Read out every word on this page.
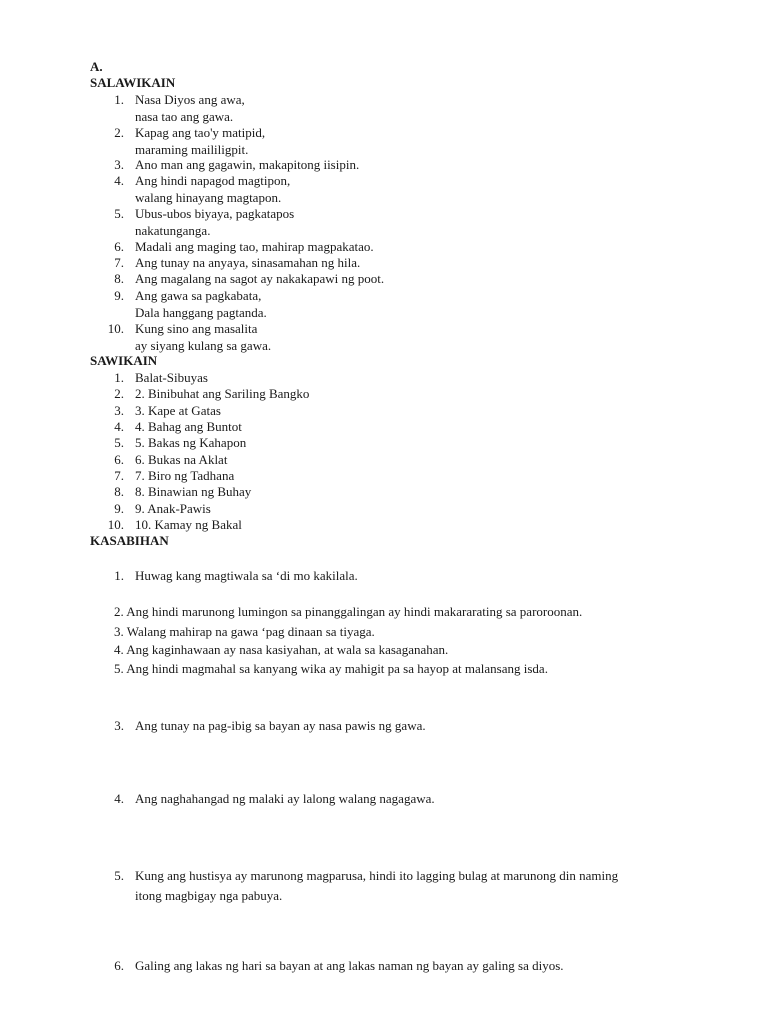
A.
SALAWIKAIN
1. Nasa Diyos ang awa,
nasa tao ang gawa.
2. Kapag ang tao'y matipid,
maraming maililigpit.
3. Ano man ang gagawin, makapitong iisipin.
4. Ang hindi napagod magtipon,
walang hinayang magtapon.
5. Ubus-ubos biyaya, pagkatapos
nakatunganga.
6. Madali ang maging tao, mahirap magpakatao.
7. Ang tunay na anyaya, sinasamahan ng hila.
8. Ang magalang na sagot ay nakakapawi ng poot.
9. Ang gawa sa pagkabata,
Dala hanggang pagtanda.
10. Kung sino ang masalita
ay siyang kulang sa gawa.
SAWIKAIN
1. Balat-Sibuyas
2. 2. Binibuhat ang Sariling Bangko
3. 3. Kape at Gatas
4. 4. Bahag ang Buntot
5. 5. Bakas ng Kahapon
6. 6. Bukas na Aklat
7. 7. Biro ng Tadhana
8. 8. Binawian ng Buhay
9. 9. Anak-Pawis
10. 10. Kamay ng Bakal
KASABIHAN
1. Huwag kang magtiwala sa ‘di mo kakilala.
2. Ang hindi marunong lumingon sa pinanggalingan ay hindi makararating sa paroroonan.
3. Walang mahirap na gawa ‘pag dinaan sa tiyaga.
4. Ang kaginhawaan ay nasa kasiyahan, at wala sa kasaganahan.
5. Ang hindi magmahal sa kanyang wika ay mahigit pa sa hayop at malansang isda.
3. Ang tunay na pag-ibig sa bayan ay nasa pawis ng gawa.
4. Ang naghahangad ng malaki ay lalong walang nagagawa.
5. Kung ang hustisya ay marunong magparusa, hindi ito lagging bulag at marunong din naming
itong magbigay nga pabuya.
6. Galing ang lakas ng hari sa bayan at ang lakas naman ng bayan ay galing sa diyos.
